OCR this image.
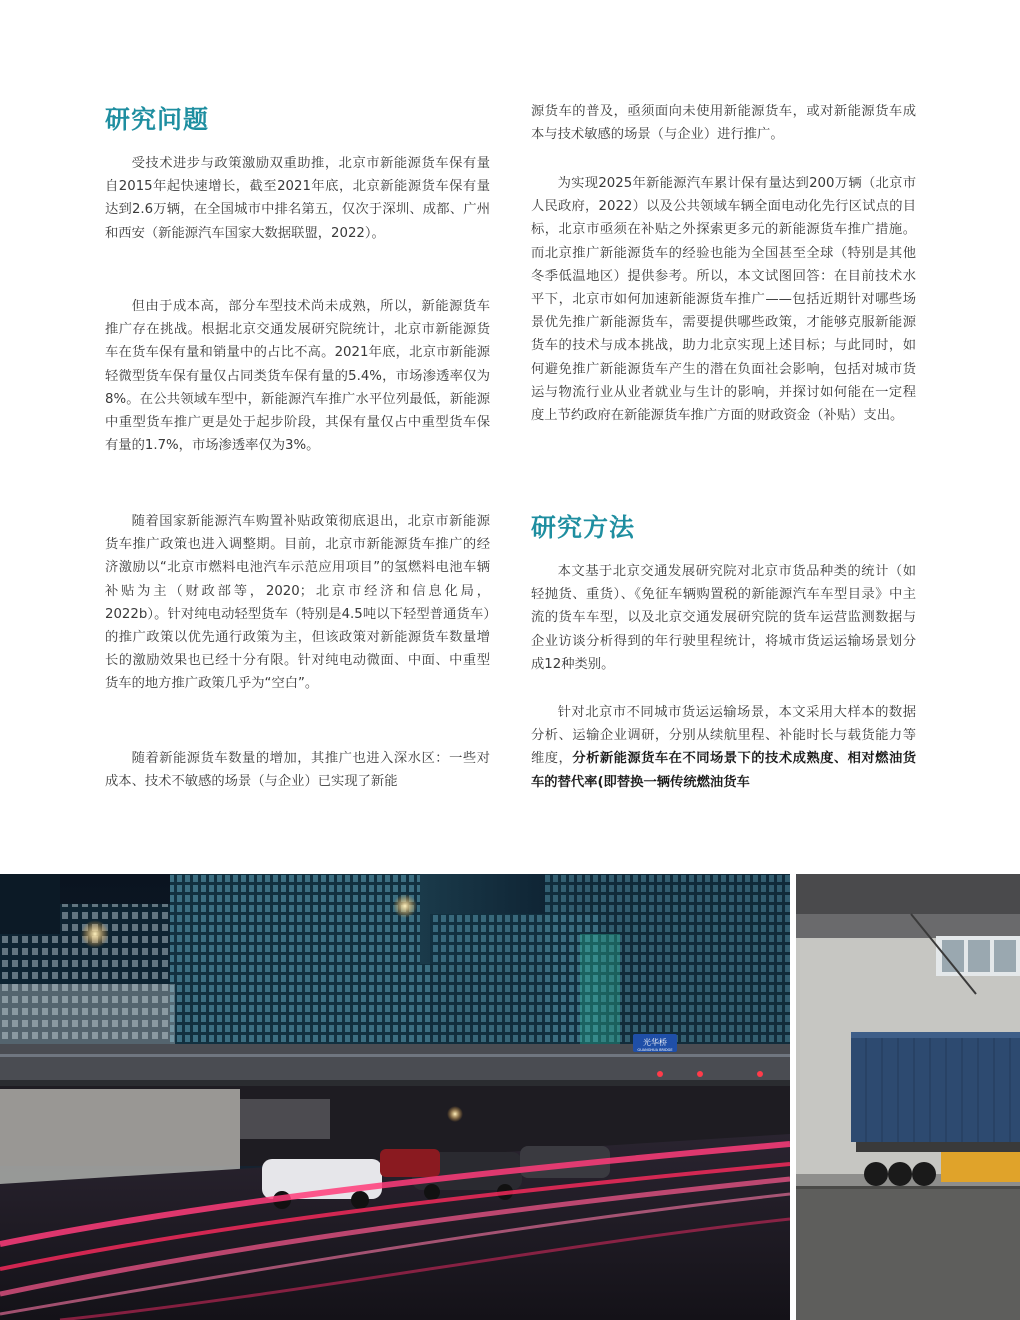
研究问题

受技术进步与政策激励双重助推，北京市新能源货车保有量自2015年起快速增长，截至2021年底，北京新能源货车保有量达到2.6万辆，在全国城市中排名第五，仅次于深圳、成都、广州和西安（新能源汽车国家大数据联盟，2022）。

但由于成本高，部分车型技术尚未成熟，所以，新能源货车推广存在挑战。根据北京交通发展研究院统计，北京市新能源货车在货车保有量和销量中的占比不高。2021年底，北京市新能源轻微型货车保有量仅占同类货车保有量的5.4%，市场渗透率仅为8%。在公共领域车型中，新能源汽车推广水平位列最低，新能源中重型货车推广更是处于起步阶段，其保有量仅占中重型货车保有量的1.7%，市场渗透率仅为3%。

随着国家新能源汽车购置补贴政策彻底退出，北京市新能源货车推广政策也进入调整期。目前，北京市新能源货车推广的经济激励以“北京市燃料电池汽车示范应用项目”的氢燃料电池车辆补贴为主（财政部等，2020；北京市经济和信息化局，2022b）。针对纯电动轻型货车（特别是4.5吨以下轻型普通货车）的推广政策以优先通行政策为主，但该政策对新能源货车数量增长的激励效果也已经十分有限。针对纯电动微面、中面、中重型货车的地方推广政策几乎为“空白”。

随着新能源货车数量的增加，其推广也进入深水区：一些对成本、技术不敏感的场景（与企业）已实现了新能

源货车的普及，亟须面向未使用新能源货车，或对新能源货车成本与技术敏感的场景（与企业）进行推广。

为实现2025年新能源汽车累计保有量达到200万辆（北京市人民政府，2022）以及公共领域车辆全面电动化先行区试点的目标，北京市亟须在补贴之外探索更多元的新能源货车推广措施。而北京推广新能源货车的经验也能为全国甚至全球（特别是其他冬季低温地区）提供参考。所以，本文试图回答：在目前技术水平下，北京市如何加速新能源货车推广——包括近期针对哪些场景优先推广新能源货车，需要提供哪些政策，才能够克服新能源货车的技术与成本挑战，助力北京实现上述目标；与此同时，如何避免推广新能源货车产生的潜在负面社会影响，包括对城市货运与物流行业从业者就业与生计的影响，并探讨如何能在一定程度上节约政府在新能源货车推广方面的财政资金（补贴）支出。

研究方法

本文基于北京交通发展研究院对北京市货品种类的统计（如轻抛货、重货）、《免征车辆购置税的新能源汽车车型目录》中主流的货车车型，以及北京交通发展研究院的货车运营监测数据与企业访谈分析得到的年行驶里程统计，将城市货运运输场景划分成12种类别。

针对北京市不同城市货运运输场景，本文采用大样本的数据分析、运输企业调研，分别从续航里程、补能时长与载货能力等维度，分析新能源货车在不同场景下的技术成熟度、相对燃油货车的替代率(即替换一辆传统燃油货车

光华桥
GUANGHUA BRIDGE
